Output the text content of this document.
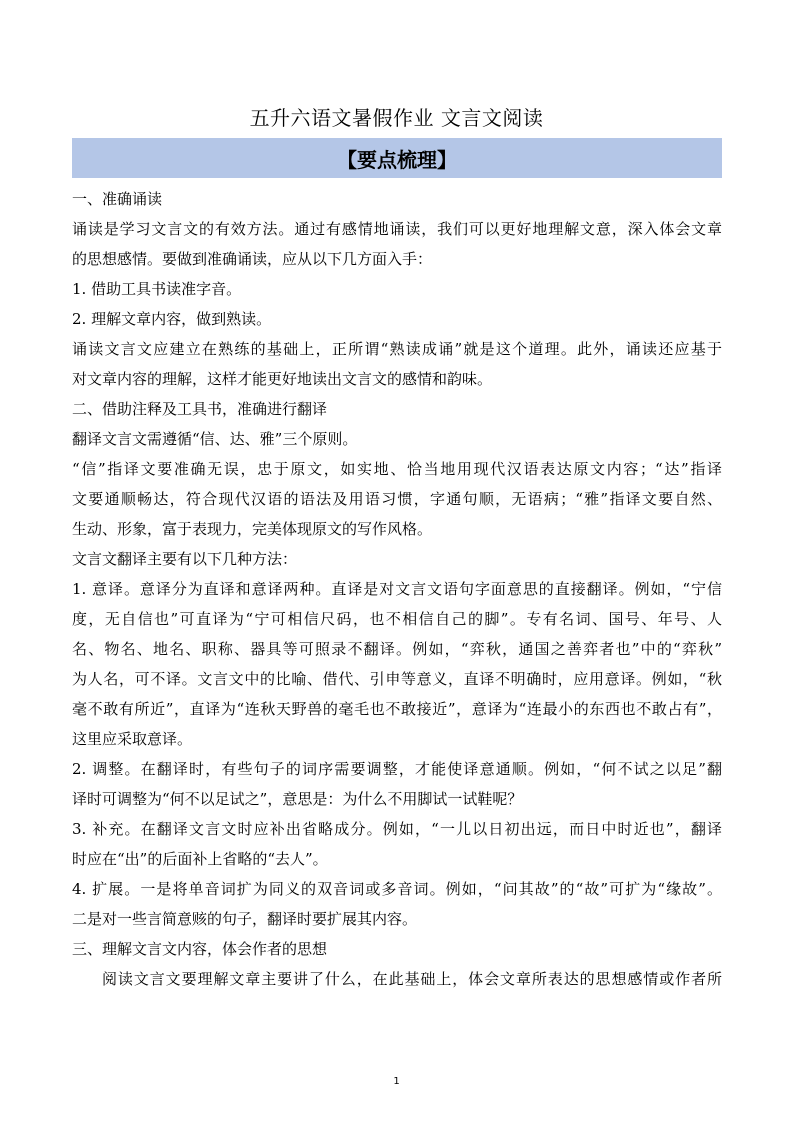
五升六语文暑假作业 文言文阅读
【要点梳理】
一、准确诵读
诵读是学习文言文的有效方法。通过有感情地诵读，我们可以更好地理解文意，深入体会文章
的思想感情。要做到准确诵读，应从以下几方面入手：
1. 借助工具书读准字音。
2. 理解文章内容，做到熟读。
诵读文言文应建立在熟练的基础上，正所谓“熟读成诵”就是这个道理。此外，诵读还应基于
对文章内容的理解，这样才能更好地读出文言文的感情和韵味。
二、借助注释及工具书，准确进行翻译
翻译文言文需遵循“信、达、雅”三个原则。
“信”指译文要准确无误，忠于原文，如实地、恰当地用现代汉语表达原文内容；“达”指译
文要通顺畅达，符合现代汉语的语法及用语习惯，字通句顺，无语病；“雅”指译文要自然、
生动、形象，富于表现力，完美体现原文的写作风格。
文言文翻译主要有以下几种方法：
1. 意译。意译分为直译和意译两种。直译是对文言文语句字面意思的直接翻译。例如，“宁信
度，无自信也”可直译为“宁可相信尺码，也不相信自己的脚”。专有名词、国号、年号、人
名、物名、地名、职称、器具等可照录不翻译。例如，“弈秋，通国之善弈者也”中的“弈秋”
为人名，可不译。文言文中的比喻、借代、引申等意义，直译不明确时，应用意译。例如，“秋
毫不敢有所近”，直译为“连秋天野兽的毫毛也不敢接近”，意译为“连最小的东西也不敢占有”，
这里应采取意译。
2. 调整。在翻译时，有些句子的词序需要调整，才能使译意通顺。例如，“何不试之以足”翻
译时可调整为“何不以足试之”，意思是：为什么不用脚试一试鞋呢？
3. 补充。在翻译文言文时应补出省略成分。例如，“一儿以日初出远，而日中时近也”，翻译
时应在“出”的后面补上省略的“去人”。
4. 扩展。一是将单音词扩为同义的双音词或多音词。例如，“问其故”的“故”可扩为“缘故”。
二是对一些言简意赅的句子，翻译时要扩展其内容。
三、理解文言文内容，体会作者的思想
阅读文言文要理解文章主要讲了什么，在此基础上，体会文章所表达的思想感情或作者所
1
